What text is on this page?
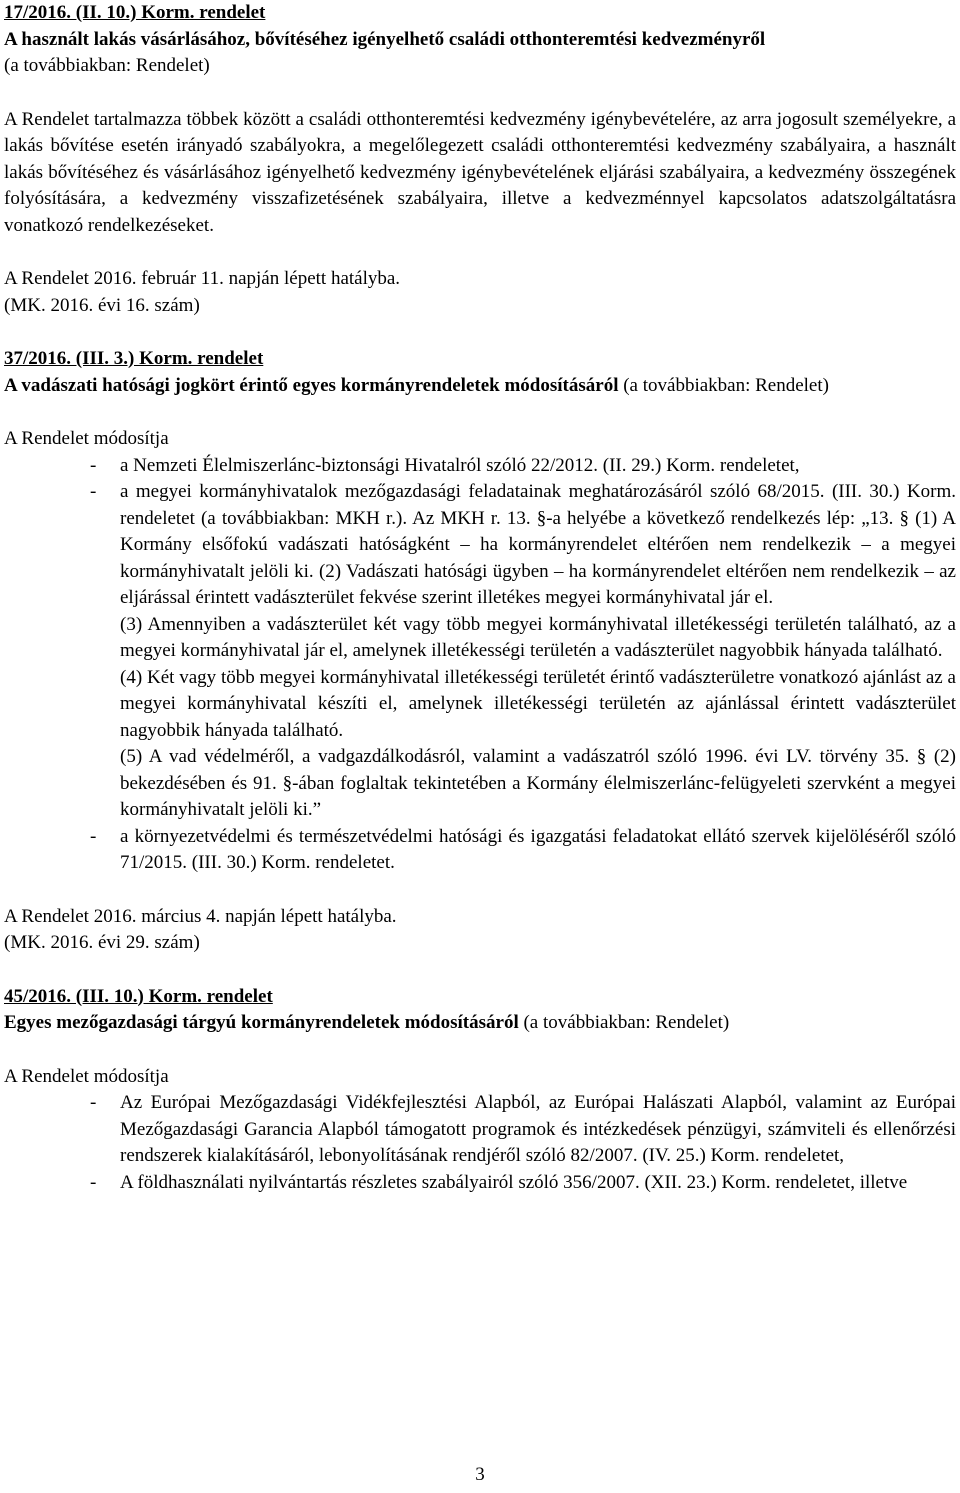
17/2016. (II. 10.) Korm. rendelet

A használt lakás vásárlásához, bővítéséhez igényelhető családi otthonteremtési kedvezményről

(a továbbiakban: Rendelet)

A Rendelet tartalmazza többek között a családi otthonteremtési kedvezmény igénybevételére, az arra jogosult személyekre, a lakás bővítése esetén irányadó szabályokra, a megelőlegezett családi otthonteremtési kedvezmény szabályaira, a használt lakás bővítéséhez és vásárlásához igényelhető kedvezmény igénybevételének eljárási szabályaira, a kedvezmény összegének folyósítására, a kedvezmény visszafizetésének szabályaira, illetve a kedvezménnyel kapcsolatos adatszolgáltatásra vonatkozó rendelkezéseket.

A Rendelet 2016. február 11. napján lépett hatályba.

(MK. 2016. évi 16. szám)

37/2016. (III. 3.) Korm. rendelet

A vadászati hatósági jogkört érintő egyes kormányrendeletek módosításáról (a továbbiakban: Rendelet)

A Rendelet módosítja

- a Nemzeti Élelmiszerlánc-biztonsági Hivatalról szóló 22/2012. (II. 29.) Korm. rendeletet,

- a megyei kormányhivatalok mezőgazdasági feladatainak meghatározásáról szóló 68/2015. (III. 30.) Korm. rendeletet (a továbbiakban: MKH r.). Az MKH r. 13. §-a helyébe a következő rendelkezés lép: „13. § (1) A Kormány elsőfokú vadászati hatóságként – ha kormányrendelet eltérően nem rendelkezik – a megyei kormányhivatalt jelöli ki. (2) Vadászati hatósági ügyben – ha kormányrendelet eltérően nem rendelkezik – az eljárással érintett vadászterület fekvése szerint illetékes megyei kormányhivatal jár el.

(3) Amennyiben a vadászterület két vagy több megyei kormányhivatal illetékességi területén található, az a megyei kormányhivatal jár el, amelynek illetékességi területén a vadászterület nagyobbik hányada található.

(4) Két vagy több megyei kormányhivatal illetékességi területét érintő vadászterületre vonatkozó ajánlást az a megyei kormányhivatal készíti el, amelynek illetékességi területén az ajánlással érintett vadászterület nagyobbik hányada található.

(5) A vad védelméről, a vadgazdálkodásról, valamint a vadászatról szóló 1996. évi LV. törvény 35. § (2) bekezdésében és 91. §-ában foglaltak tekintetében a Kormány élelmiszerlánc-felügyeleti szervként a megyei kormányhivatalt jelöli ki.”

- a környezetvédelmi és természetvédelmi hatósági és igazgatási feladatokat ellátó szervek kijelöléséről szóló 71/2015. (III. 30.) Korm. rendeletet.

A Rendelet 2016. március 4. napján lépett hatályba.

(MK. 2016. évi 29. szám)

45/2016. (III. 10.) Korm. rendelet

Egyes mezőgazdasági tárgyú kormányrendeletek módosításáról (a továbbiakban: Rendelet)

A Rendelet módosítja

- Az Európai Mezőgazdasági Vidékfejlesztési Alapból, az Európai Halászati Alapból, valamint az Európai Mezőgazdasági Garancia Alapból támogatott programok és intézkedések pénzügyi, számviteli és ellenőrzési rendszerek kialakításáról, lebonyolításának rendjéről szóló 82/2007. (IV. 25.) Korm. rendeletet,

- A földhasználati nyilvántartás részletes szabályairól szóló 356/2007. (XII. 23.) Korm. rendeletet, illetve

3
